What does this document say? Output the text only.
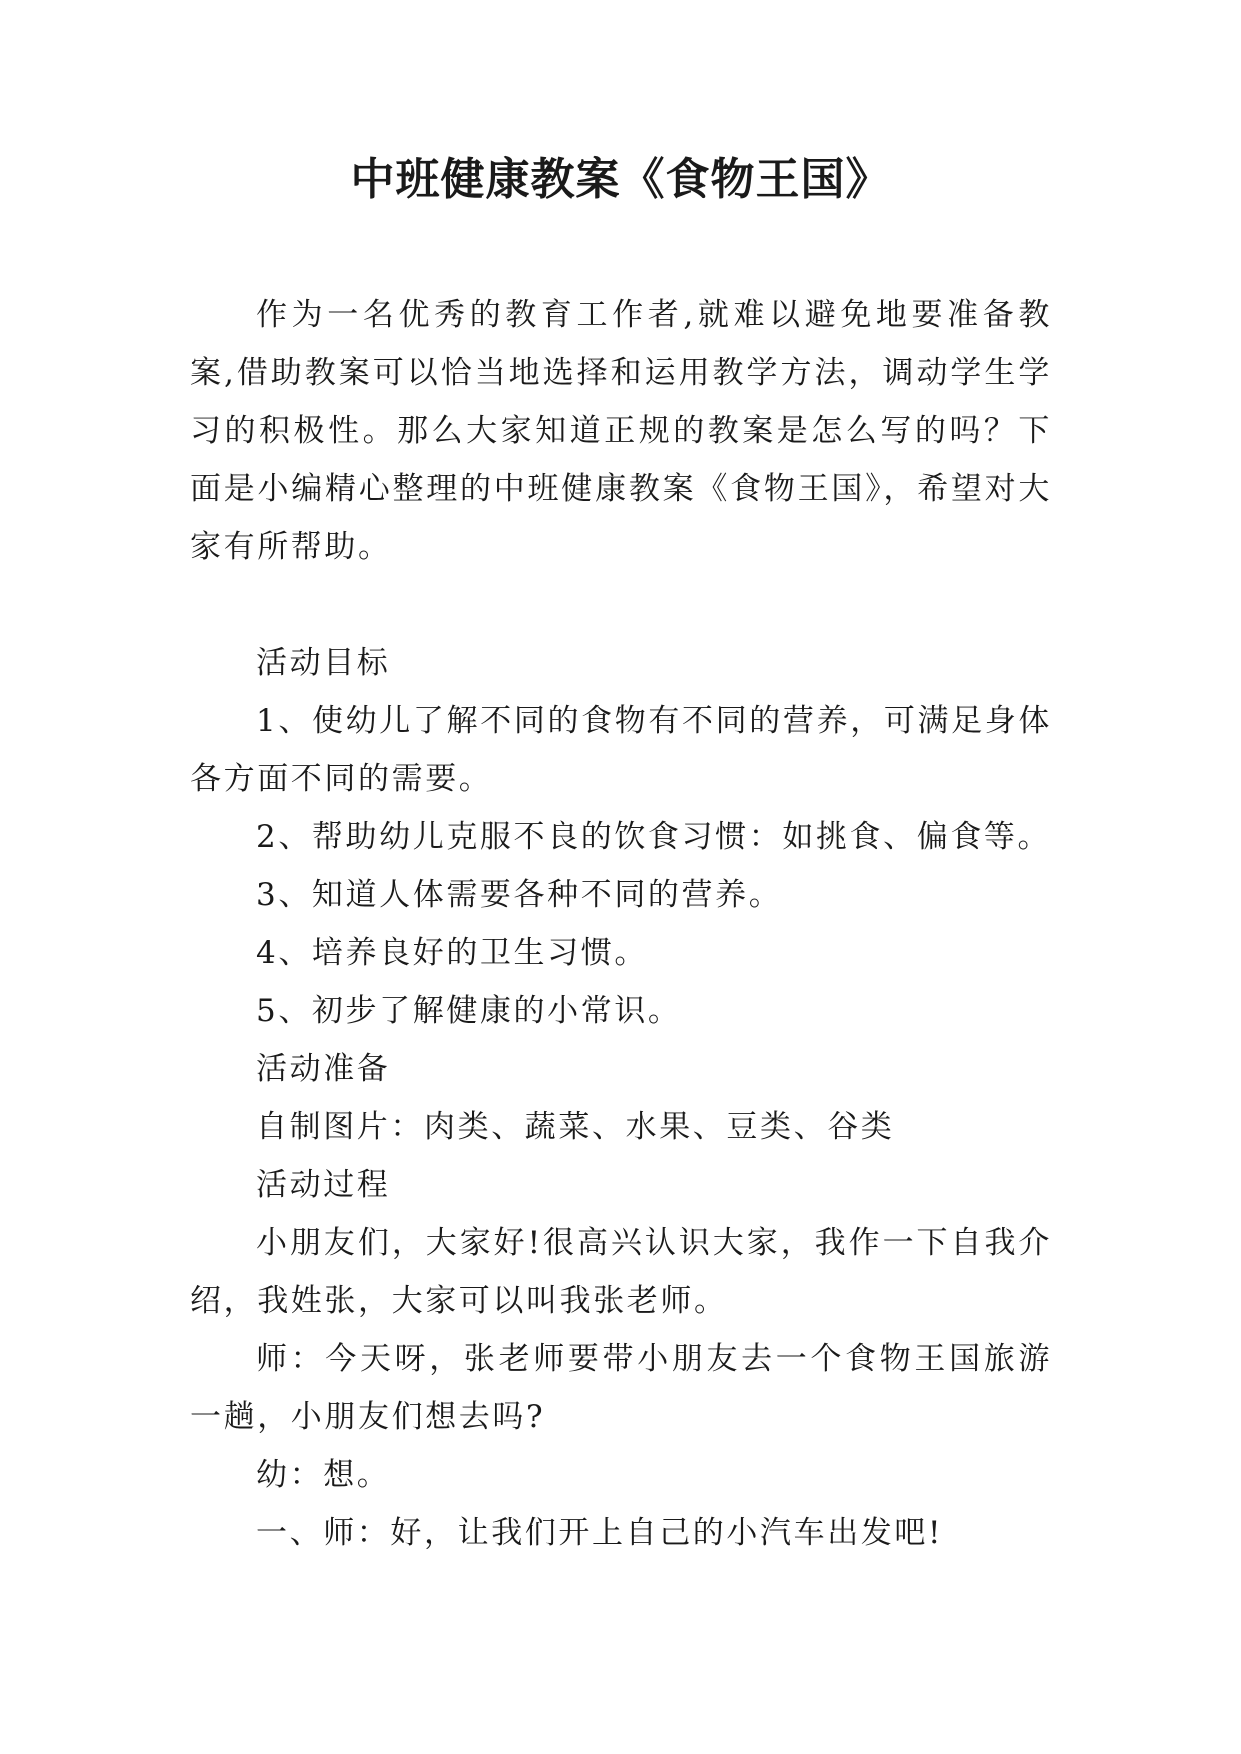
中班健康教案《食物王国》

作为一名优秀的教育工作者,就难以避免地要准备教案,借助教案可以恰当地选择和运用教学方法，调动学生学习的积极性。那么大家知道正规的教案是怎么写的吗？下面是小编精心整理的中班健康教案《食物王国》，希望对大家有所帮助。

活动目标

1、使幼儿了解不同的食物有不同的营养，可满足身体各方面不同的需要。

2、帮助幼儿克服不良的饮食习惯：如挑食、偏食等。

3、知道人体需要各种不同的营养。

4、培养良好的卫生习惯。

5、初步了解健康的小常识。

活动准备

自制图片：肉类、蔬菜、水果、豆类、谷类

活动过程

小朋友们，大家好!很高兴认识大家，我作一下自我介绍，我姓张，大家可以叫我张老师。

师：今天呀，张老师要带小朋友去一个食物王国旅游一趟，小朋友们想去吗?

幼：想。

一、师：好，让我们开上自己的小汽车出发吧!
